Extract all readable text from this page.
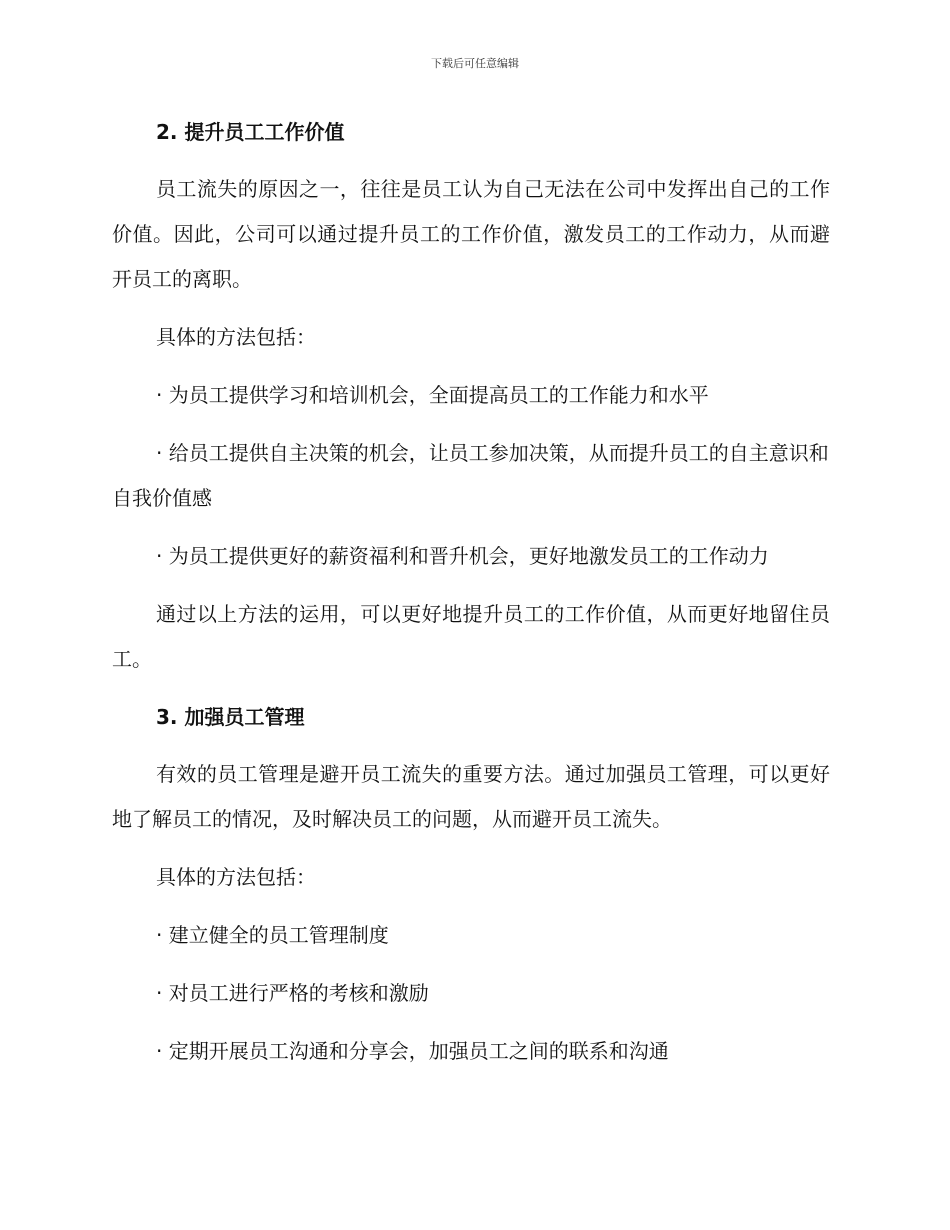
下载后可任意编辑

2. 提升员工工作价值

员工流失的原因之一，往往是员工认为自己无法在公司中发挥出自己的工作价值。因此，公司可以通过提升员工的工作价值，激发员工的工作动力，从而避开员工的离职。

具体的方法包括：

· 为员工提供学习和培训机会，全面提高员工的工作能力和水平

· 给员工提供自主决策的机会，让员工参加决策，从而提升员工的自主意识和自我价值感

· 为员工提供更好的薪资福利和晋升机会，更好地激发员工的工作动力

通过以上方法的运用，可以更好地提升员工的工作价值，从而更好地留住员工。

3. 加强员工管理

有效的员工管理是避开员工流失的重要方法。通过加强员工管理，可以更好地了解员工的情况，及时解决员工的问题，从而避开员工流失。

具体的方法包括：

· 建立健全的员工管理制度

· 对员工进行严格的考核和激励

· 定期开展员工沟通和分享会，加强员工之间的联系和沟通
